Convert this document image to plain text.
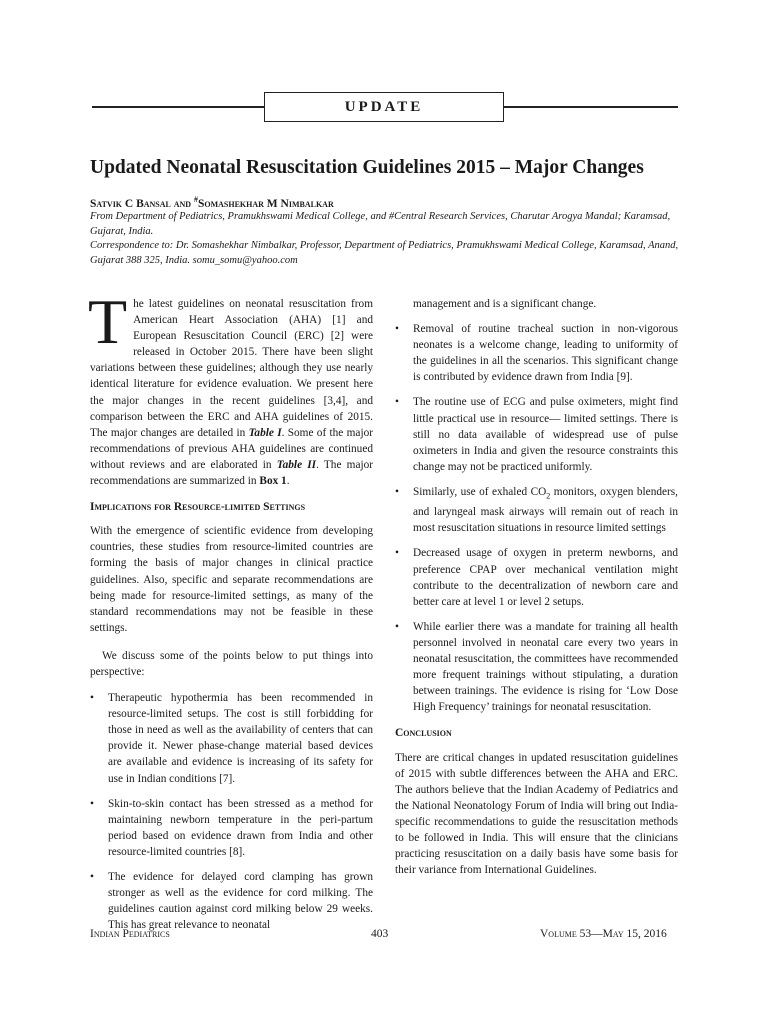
UPDATE
Updated Neonatal Resuscitation Guidelines 2015 – Major Changes
Satvik C Bansal and #Somashekhar M Nimbalkar
From Department of Pediatrics, Pramukhswami Medical College, and #Central Research Services, Charutar Arogya Mandal; Karamsad, Gujarat, India.
Correspondence to: Dr. Somashekhar Nimbalkar, Professor, Department of Pediatrics, Pramukhswami Medical College, Karamsad, Anand, Gujarat 388 325, India. somu_somu@yahoo.com

The latest guidelines on neonatal resuscitation from American Heart Association (AHA) [1] and European Resuscitation Council (ERC) [2] were released in October 2015. There have been slight variations between these guidelines; although they use nearly identical literature for evidence evaluation. We present here the major changes in the recent guidelines [3,4], and comparison between the ERC and AHA guidelines of 2015. The major changes are detailed in Table I. Some of the major recommendations of previous AHA guidelines are continued without reviews and are elaborated in Table II. The major recommendations are summarized in Box 1.

Implications for Resource-limited Settings

With the emergence of scientific evidence from developing countries, these studies from resource-limited countries are forming the basis of major changes in clinical practice guidelines. Also, specific and separate recommendations are being made for resource-limited settings, as many of the standard recommendations may not be feasible in these settings.

We discuss some of the points below to put things into perspective:

• Therapeutic hypothermia has been recommended in resource-limited setups. The cost is still forbidding for those in need as well as the availability of centers that can provide it. Newer phase-change material based devices are available and evidence is increasing of its safety for use in Indian conditions [7].
• Skin-to-skin contact has been stressed as a method for maintaining newborn temperature in the peri-partum period based on evidence drawn from India and other resource-limited countries [8].
• The evidence for delayed cord clamping has grown stronger as well as the evidence for cord milking. The guidelines caution against cord milking below 29 weeks. This has great relevance to neonatal

management and is a significant change.

• Removal of routine tracheal suction in non-vigorous neonates is a welcome change, leading to uniformity of the guidelines in all the scenarios. This significant change is contributed by evidence drawn from India [9].
• The routine use of ECG and pulse oximeters, might find little practical use in resource— limited settings. There is still no data available of widespread use of pulse oximeters in India and given the resource constraints this change may not be practiced uniformly.
• Similarly, use of exhaled $CO_2$ monitors, oxygen blenders, and laryngeal mask airways will remain out of reach in most resuscitation situations in resource limited settings
• Decreased usage of oxygen in preterm newborns, and preference CPAP over mechanical ventilation might contribute to the decentralization of newborn care and better care at level 1 or level 2 setups.
• While earlier there was a mandate for training all health personnel involved in neonatal care every two years in neonatal resuscitation, the committees have recommended more frequent trainings without stipulating, a duration between trainings. The evidence is rising for ‘Low Dose High Frequency’ trainings for neonatal resuscitation.
Conclusion

There are critical changes in updated resuscitation guidelines of 2015 with subtle differences between the AHA and ERC. The authors believe that the Indian Academy of Pediatrics and the National Neonatology Forum of India will bring out India-specific recommendations to guide the resuscitation methods to be followed in India. This will ensure that the clinicians practicing resuscitation on a daily basis have some basis for their variance from International Guidelines.

Indian Pediatrics	403	Volume 53—May 15, 2016
